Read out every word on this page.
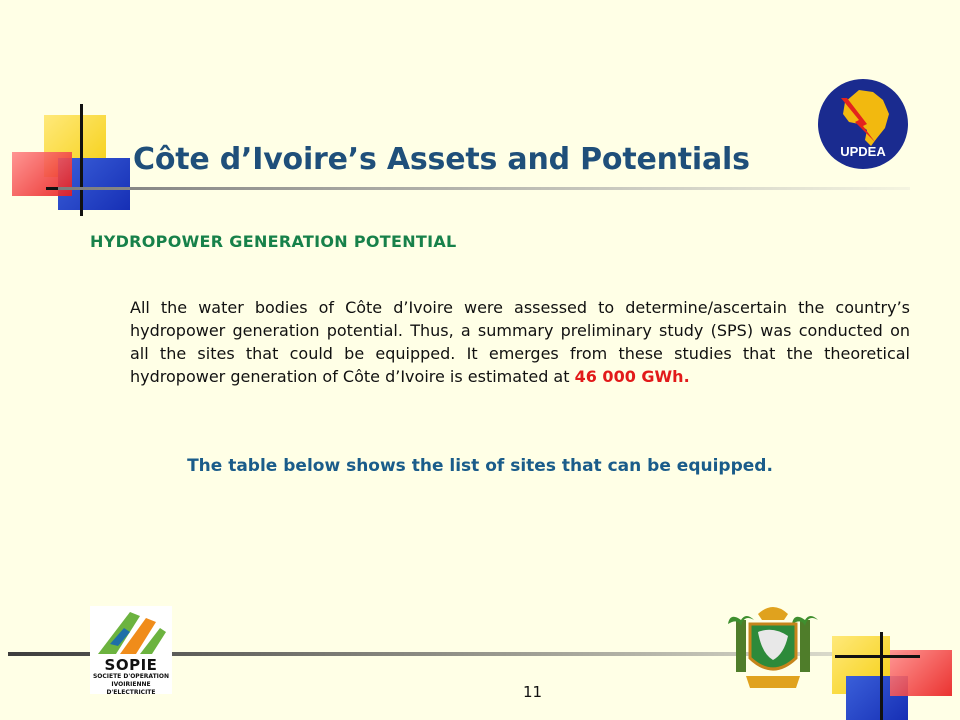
Côte d’Ivoire’s Assets and Potentials	UPDEA
HYDROPOWER GENERATION POTENTIAL
All the water bodies of Côte d’Ivoire were assessed to determine/ascertain the country’s hydropower generation potential. Thus, a summary preliminary study (SPS) was conducted on all the sites that could be equipped. It emerges from these studies that the theoretical hydropower generation of Côte d’Ivoire is estimated at 46 000 GWh.
The table below shows the list of sites that can be equipped.
SOPIE
SOCIETE D'OPERATION
IVOIRIENNE D'ELECTRICITE	11
